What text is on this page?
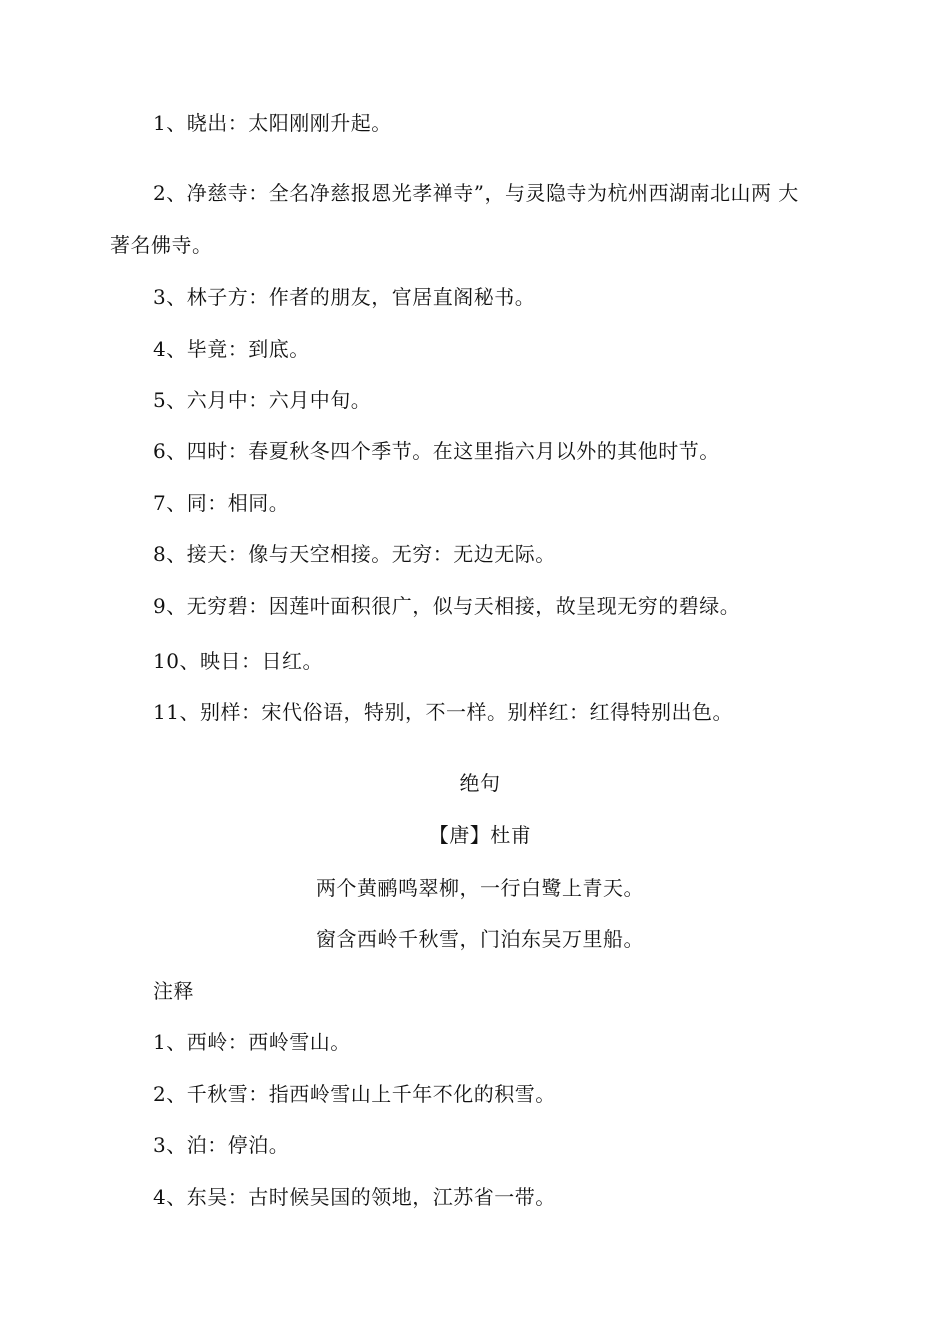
1、晓出：太阳刚刚升起。
2、净慈寺：全名净慈报恩光孝禅寺”，与灵隐寺为杭州西湖南北山两 大
著名佛寺。
3、林子方：作者的朋友，官居直阁秘书。
4、毕竟：到底。
5、六月中：六月中旬。
6、四时：春夏秋冬四个季节。在这里指六月以外的其他时节。
7、同：相同。
8、接天：像与天空相接。无穷：无边无际。
9、无穷碧：因莲叶面积很广，似与天相接，故呈现无穷的碧绿。
10、映日：日红。
11、别样：宋代俗语，特别，不一样。别样红：红得特别出色。
绝句
【唐】杜甫
两个黄鹂鸣翠柳，一行白鹭上青天。
窗含西岭千秋雪，门泊东吴万里船。
注释
1、西岭：西岭雪山。
2、千秋雪：指西岭雪山上千年不化的积雪。
3、泊：停泊。
4、东吴：古时候吴国的领地，江苏省一带。
